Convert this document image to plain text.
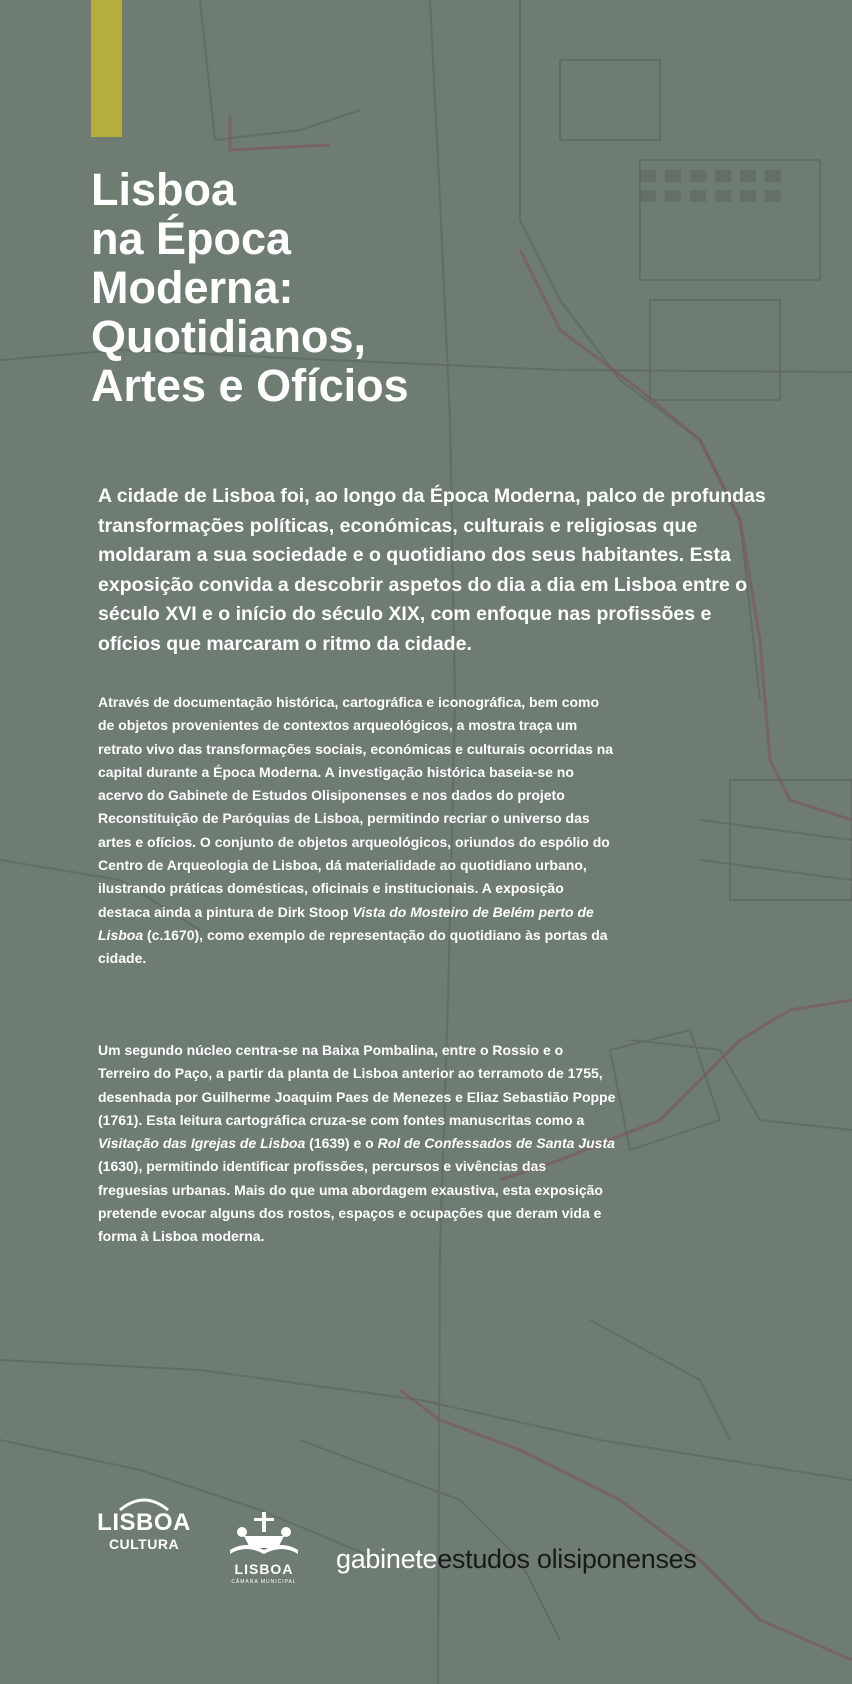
Lisboa
na Época
Moderna:
Quotidianos,
Artes e Ofícios

A cidade de Lisboa foi, ao longo da Época Moderna, palco de profundas transformações políticas, económicas, culturais e religiosas que moldaram a sua sociedade e o quotidiano dos seus habitantes. Esta exposição convida a descobrir aspetos do dia a dia em Lisboa entre o século XVI e o início do século XIX, com enfoque nas profissões e ofícios que marcaram o ritmo da cidade.

Através de documentação histórica, cartográfica e iconográfica, bem como de objetos provenientes de contextos arqueológicos, a mostra traça um retrato vivo das transformações sociais, económicas e culturais ocorridas na capital durante a Época Moderna. A investigação histórica baseia-se no acervo do Gabinete de Estudos Olisiponenses e nos dados do projeto Reconstituição de Paróquias de Lisboa, permitindo recriar o universo das artes e ofícios. O conjunto de objetos arqueológicos, oriundos do espólio do Centro de Arqueologia de Lisboa, dá materialidade ao quotidiano urbano, ilustrando práticas domésticas, oficinais e institucionais. A exposição destaca ainda a pintura de Dirk Stoop Vista do Mosteiro de Belém perto de Lisboa (c.1670), como exemplo de representação do quotidiano às portas da cidade.

Um segundo núcleo centra-se na Baixa Pombalina, entre o Rossio e o Terreiro do Paço, a partir da planta de Lisboa anterior ao terramoto de 1755, desenhada por Guilherme Joaquim Paes de Menezes e Eliaz Sebastião Poppe (1761). Esta leitura cartográfica cruza-se com fontes manuscritas como a Visitação das Igrejas de Lisboa (1639) e o Rol de Confessados de Santa Justa (1630), permitindo identificar profissões, percursos e vivências das freguesias urbanas. Mais do que uma abordagem exaustiva, esta exposição pretende evocar alguns dos rostos, espaços e ocupações que deram vida e forma à Lisboa moderna.

LISBOA
CULTURA
LISBOA
CÂMARA MUNICIPAL
gabineteestudos olisiponenses
